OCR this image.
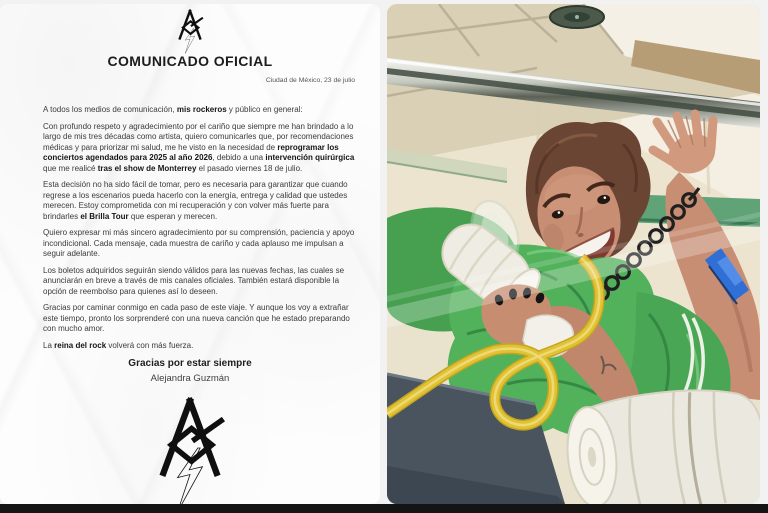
COMUNICADO OFICIAL
Ciudad de México, 23 de julio

A todos los medios de comunicación, mis rockeros y público en general:

Con profundo respeto y agradecimiento por el cariño que siempre me han brindado a lo largo de mis tres décadas como artista, quiero comunicarles que, por recomendaciones médicas y para priorizar mi salud, me he visto en la necesidad de reprogramar los conciertos agendados para 2025 al año 2026, debido a una intervención quirúrgica que me realicé tras el show de Monterrey el pasado viernes 18 de julio.

Esta decisión no ha sido fácil de tomar, pero es necesaria para garantizar que cuando regrese a los escenarios pueda hacerlo con la energía, entrega y calidad que ustedes merecen. Estoy comprometida con mi recuperación y con volver más fuerte para brindarles el Brilla Tour que esperan y merecen.

Quiero expresar mi más sincero agradecimiento por su comprensión, paciencia y apoyo incondicional. Cada mensaje, cada muestra de cariño y cada aplauso me impulsan a seguir adelante.

Los boletos adquiridos seguirán siendo válidos para las nuevas fechas, las cuales se anunciarán en breve a través de mis canales oficiales. También estará disponible la opción de reembolso para quienes así lo deseen.

Gracias por caminar conmigo en cada paso de este viaje. Y aunque los voy a extrañar este tiempo, pronto los sorprenderé con una nueva canción que he estado preparando con mucho amor.

La reina del rock volverá con más fuerza.

Gracias por estar siempre
Alejandra Guzmán
